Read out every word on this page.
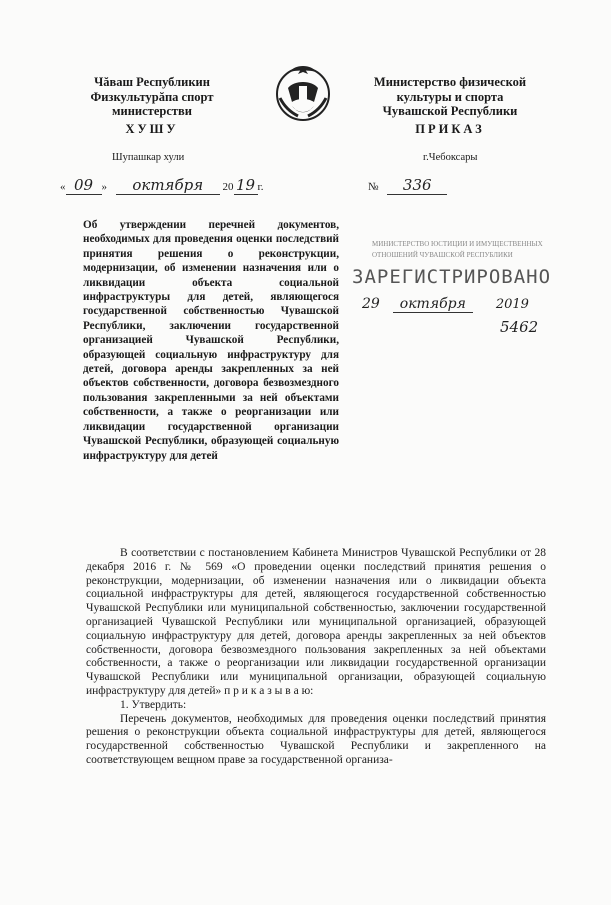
Чăваш Республикин
Физкультурăпа спорт
министерстви
ХУШУ
Министерство физической
культуры и спорта
Чувашской Республики
ПРИКАЗ
Шупашкар хули	г.Чебоксары
« 09 » октября 20 19 г.	№ 336

Об утверждении перечней документов, необходимых для проведения оценки последствий принятия решения о реконструкции, модернизации, об изменении назначения или о ликвидации объекта социальной инфраструктуры для детей, являющегося государственной собственностью Чувашской Республики, заключении государственной организацией Чувашской Республики, образующей социальную инфраструктуру для детей, договора аренды закрепленных за ней объектов собственности, договора безвозмездного пользования закрепленными за ней объектами собственности, а также о реорганизации или ликвидации государственной организации Чувашской Республики, образующей социальную инфраструктуру для детей

МИНИСТЕРСТВО ЮСТИЦИИ И ИМУЩЕСТВЕННЫХ
ОТНОШЕНИЙ ЧУВАШСКОЙ РЕСПУБЛИКИ
ЗАРЕГИСТРИРОВАНО
29 октября 2019
5462

В соответствии с постановлением Кабинета Министров Чувашской Республики от 28 декабря 2016 г. № 569 «О проведении оценки последствий принятия решения о реконструкции, модернизации, об изменении назначения или о ликвидации объекта социальной инфраструктуры для детей, являющегося государственной собственностью Чувашской Республики или муниципальной собственностью, заключении государственной организацией Чувашской Республики или муниципальной организацией, образующей социальную инфраструктуру для детей, договора аренды закрепленных за ней объектов собственности, договора безвозмездного пользования закрепленных за ней объектами собственности, а также о реорганизации или ликвидации государственной организации Чувашской Республики или муниципальной организации, образующей социальную инфраструктуру для детей» п р и к а з ы в а ю:

1. Утвердить:

Перечень документов, необходимых для проведения оценки последствий принятия решения о реконструкции объекта социальной инфраструктуры для детей, являющегося государственной собственностью Чувашской Республики и закрепленного на соответствующем вещном праве за государственной организа-
